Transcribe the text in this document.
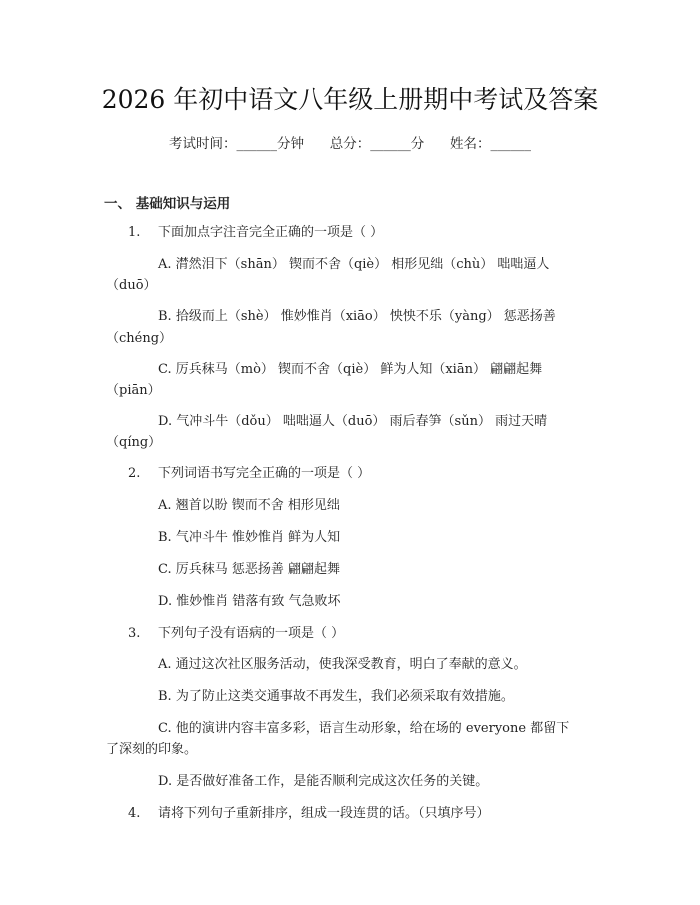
2026 年初中语文八年级上册期中考试及答案
考试时间：______分钟      总分：______分      姓名：______
一、 基础知识与运用
1. 下面加点字注音完全正确的一项是（ ）
A. 潸然泪下（shān） 锲而不舍（qiè） 相形见绌（chù） 咄咄逼人
（duō）
B. 拾级而上（shè） 惟妙惟肖（xiāo） 怏怏不乐（yàng） 惩恶扬善
（chéng）
C. 厉兵秣马（mò） 锲而不舍（qiè） 鲜为人知（xiān） 翩翩起舞
（piān）
D. 气冲斗牛（dǒu） 咄咄逼人（duō） 雨后春笋（sǔn） 雨过天晴
（qíng）
2. 下列词语书写完全正确的一项是（ ）
A. 翘首以盼 锲而不舍 相形见绌
B. 气冲斗牛 惟妙惟肖 鲜为人知
C. 厉兵秣马 惩恶扬善 翩翩起舞
D. 惟妙惟肖 错落有致 气急败坏
3. 下列句子没有语病的一项是（ ）
A. 通过这次社区服务活动，使我深受教育，明白了奉献的意义。
B. 为了防止这类交通事故不再发生，我们必须采取有效措施。
C. 他的演讲内容丰富多彩，语言生动形象，给在场的 everyone 都留下
了深刻的印象。
D. 是否做好准备工作，是能否顺利完成这次任务的关键。
4. 请将下列句子重新排序，组成一段连贯的话。（只填序号）
